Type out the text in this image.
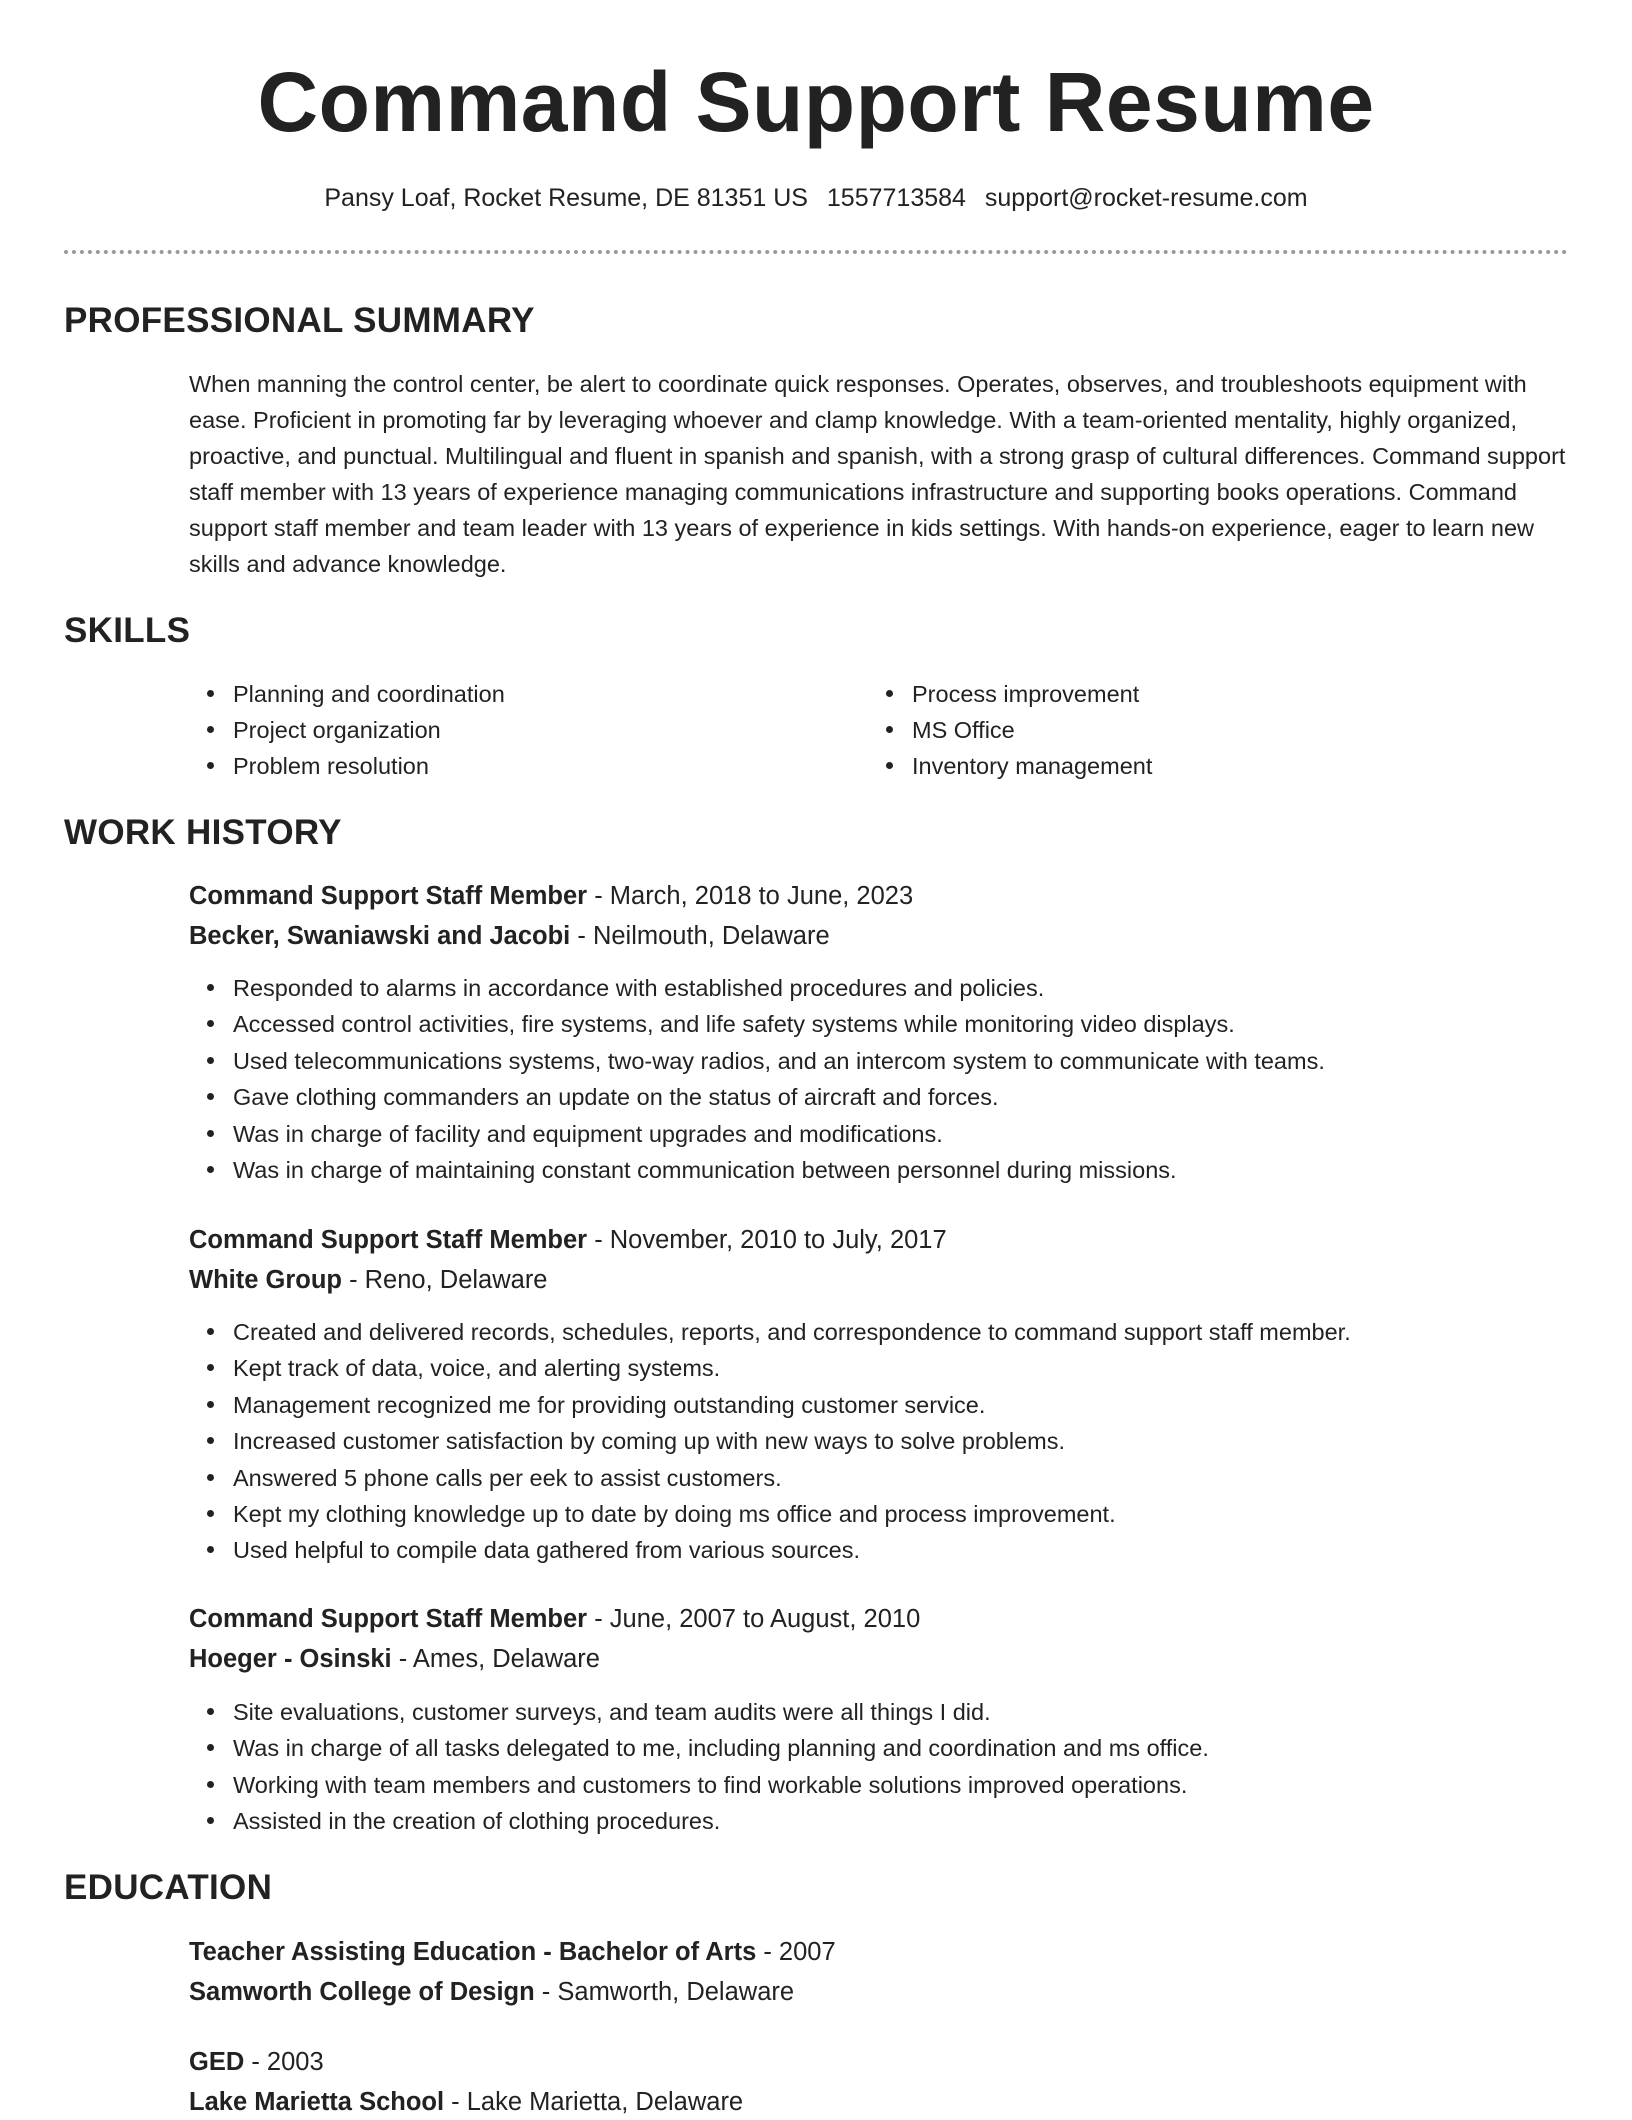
Command Support Resume
Pansy Loaf, Rocket Resume, DE 81351 US 1557713584 support@rocket-resume.com
PROFESSIONAL SUMMARY

When manning the control center, be alert to coordinate quick responses. Operates, observes, and troubleshoots equipment with ease. Proficient in promoting far by leveraging whoever and clamp knowledge. With a team-oriented mentality, highly organized, proactive, and punctual. Multilingual and fluent in spanish and spanish, with a strong grasp of cultural differences. Command support staff member with 13 years of experience managing communications infrastructure and supporting books operations. Command support staff member and team leader with 13 years of experience in kids settings. With hands-on experience, eager to learn new skills and advance knowledge.

SKILLS
Planning and coordination
Project organization
Problem resolution
Process improvement
MS Office
Inventory management
WORK HISTORY
Command Support Staff Member - March, 2018 to June, 2023
Becker, Swaniawski and Jacobi - Neilmouth, Delaware
Responded to alarms in accordance with established procedures and policies.
Accessed control activities, fire systems, and life safety systems while monitoring video displays.
Used telecommunications systems, two-way radios, and an intercom system to communicate with teams.
Gave clothing commanders an update on the status of aircraft and forces.
Was in charge of facility and equipment upgrades and modifications.
Was in charge of maintaining constant communication between personnel during missions.
Command Support Staff Member - November, 2010 to July, 2017
White Group - Reno, Delaware
Created and delivered records, schedules, reports, and correspondence to command support staff member.
Kept track of data, voice, and alerting systems.
Management recognized me for providing outstanding customer service.
Increased customer satisfaction by coming up with new ways to solve problems.
Answered 5 phone calls per eek to assist customers.
Kept my clothing knowledge up to date by doing ms office and process improvement.
Used helpful to compile data gathered from various sources.
Command Support Staff Member - June, 2007 to August, 2010
Hoeger - Osinski - Ames, Delaware
Site evaluations, customer surveys, and team audits were all things I did.
Was in charge of all tasks delegated to me, including planning and coordination and ms office.
Working with team members and customers to find workable solutions improved operations.
Assisted in the creation of clothing procedures.
EDUCATION
Teacher Assisting Education - Bachelor of Arts - 2007
Samworth College of Design - Samworth, Delaware
GED - 2003
Lake Marietta School - Lake Marietta, Delaware
